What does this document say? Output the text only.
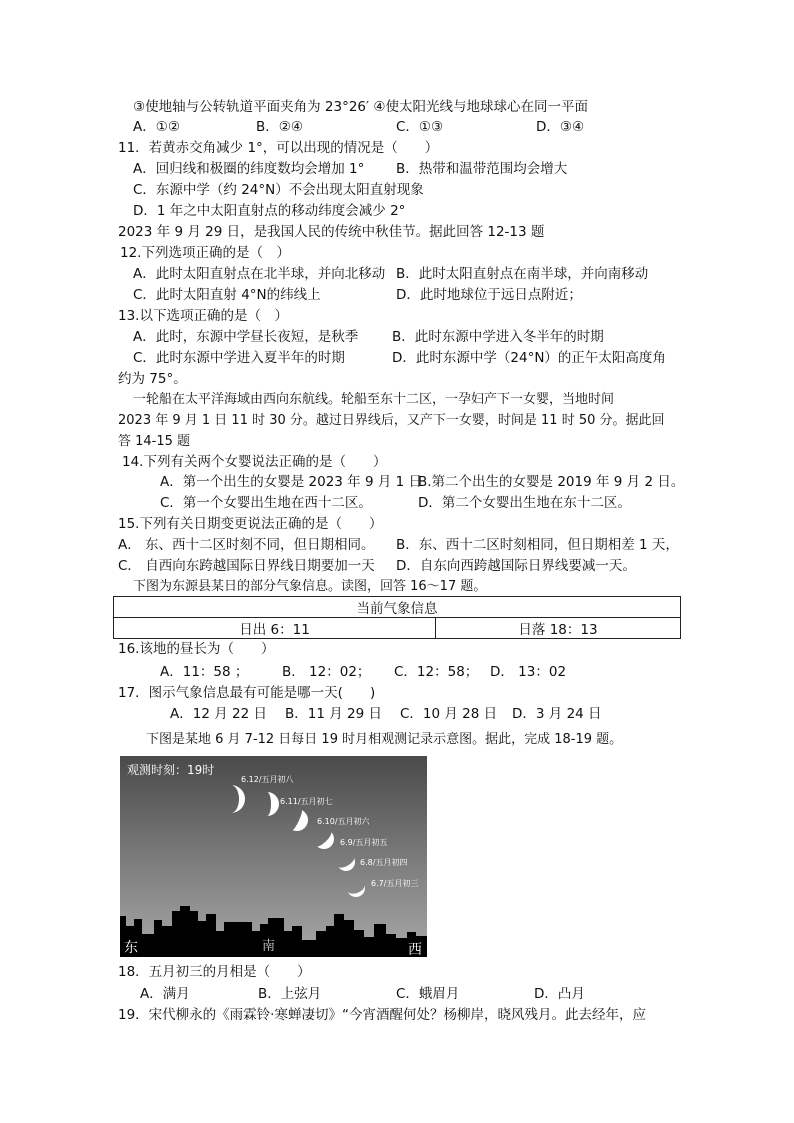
③使地轴与公转轨道平面夹角为 23°26′ ④使太阳光线与地球球心在同一平面
A．①②	B．②④	C．①③	D．③④
11．若黄赤交角减少 1°，可以出现的情况是（　　）
A．回归线和极圈的纬度数均会增加 1° B．热带和温带范围均会增大
C．东源中学（约 24°N）不会出现太阳直射现象
D．1 年之中太阳直射点的移动纬度会减少 2°
2023 年 9 月 29 日，是我国人民的传统中秋佳节。据此回答 12-13 题
12.下列选项正确的是（　）
A．此时太阳直射点在北半球，并向北移动 B．此时太阳直射点在南半球，并向南移动
C．此时太阳直射 4°N的纬线上	D．此时地球位于远日点附近；
13.以下选项正确的是（　）
A．此时，东源中学昼长夜短，是秋季	B．此时东源中学进入冬半年的时期
C．此时东源中学进入夏半年的时期	D．此时东源中学（24°N）的正午太阳高度角
约为 75°。
一轮船在太平洋海域由西向东航线。轮船至东十二区，一孕妇产下一女婴，当地时间
2023 年 9 月 1 日 11 时 30 分。越过日界线后，又产下一女婴，时间是 11 时 50 分。据此回
答 14-15 题
14.下列有关两个女婴说法正确的是（　　）
A．第一个出生的女婴是 2023 年 9 月 1 日
B.第二个出生的女婴是 2019 年 9 月 2 日。
C．第一个女婴出生地在西十二区。	D．第二个女婴出生地在东十二区。
15.下列有关日期变更说法正确的是（　　）
A． 东、西十二区时刻不同，但日期相同。 B．东、西十二区时刻相同，但日期相差 1 天，
C． 自西向东跨越国际日界线日期要加一天 D．自东向西跨越国际日界线要减一天。
下图为东源县某日的部分气象信息。读图，回答 16～17 题。
当前气象信息
日出 6：11	日落 18：13
16.该地的昼长为（　　）
A．11：58 ； B． 12：02； C．12：58； D． 13：02
17．图示气象信息最有可能是哪一天(　　)
A．12 月 22 日 B．11 月 29 日 C．10 月 28 日 D．3 月 24 日
下图是某地 6 月 7-12 日每日 19 时月相观测记录示意图。据此，完成 18-19 题。
观测时刻：19时
6.12/五月初八
6.11/五月初七
6.10/五月初六
6.9/五月初五
6.8/五月初四
6.7/五月初三
东	南	西
18．五月初三的月相是（　　）
A．满月	B．上弦月	C．蛾眉月	D．凸月
19．宋代柳永的《雨霖铃·寒蝉凄切》“今宵酒醒何处？杨柳岸，晓风残月。此去经年，应
